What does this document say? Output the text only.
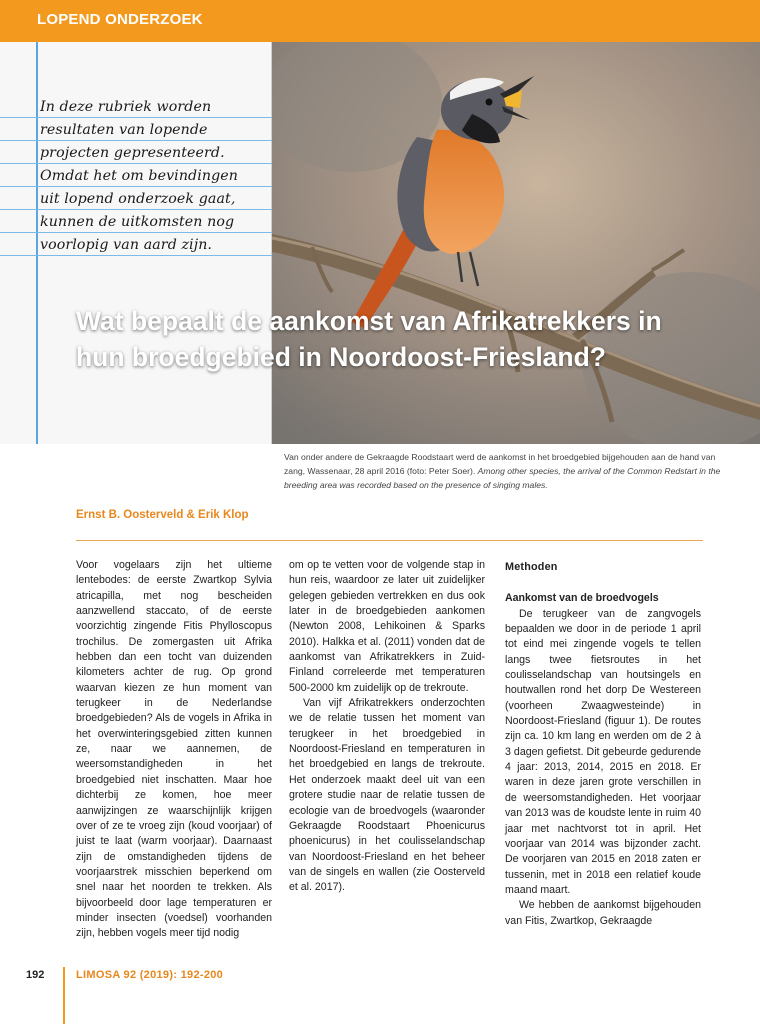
LOPEND ONDERZOEK
In deze rubriek worden
resultaten van lopende
projecten gepresenteerd.
Omdat het om bevindingen
uit lopend onderzoek gaat,
kunnen de uitkomsten nog
voorlopig van aard zijn.
Wat bepaalt de aankomst van Afrikatrekkers in hun broedgebied in Noordoost-Friesland?
Van onder andere de Gekraagde Roodstaart werd de aankomst in het broedgebied bijgehouden aan de hand van zang, Wassenaar, 28 april 2016 (foto: Peter Soer). Among other species, the arrival of the Common Redstart in the breeding area was recorded based on the presence of singing males.
Ernst B. Oosterveld & Erik Klop

Voor vogelaars zijn het ultieme lentebodes: de eerste Zwartkop Sylvia atricapilla, met nog bescheiden aanzwellend staccato, of de eerste voorzichtig zingende Fitis Phylloscopus trochilus. De zomergasten uit Afrika hebben dan een tocht van duizenden kilometers achter de rug. Op grond waarvan kiezen ze hun moment van terugkeer in de Nederlandse broedgebieden? Als de vogels in Afrika in het overwinteringsgebied zitten kunnen ze, naar we aannemen, de weersomstandigheden in het broedgebied niet inschatten. Maar hoe dichterbij ze komen, hoe meer aanwijzingen ze waarschijnlijk krijgen over of ze te vroeg zijn (koud voorjaar) of juist te laat (warm voorjaar). Daarnaast zijn de omstandigheden tijdens de voorjaarstrek misschien beperkend om snel naar het noorden te trekken. Als bijvoorbeeld door lage temperaturen er minder insecten (voedsel) voorhanden zijn, hebben vogels meer tijd nodig

om op te vetten voor de volgende stap in hun reis, waardoor ze later uit zuidelijker gelegen gebieden vertrekken en dus ook later in de broedgebieden aankomen (Newton 2008, Lehikoinen & Sparks 2010). Halkka et al. (2011) vonden dat de aankomst van Afrikatrekkers in Zuid-Finland correleerde met temperaturen 500-2000 km zuidelijk op de trekroute.

Van vijf Afrikatrekkers onderzochten we de relatie tussen het moment van terugkeer in het broedgebied in Noordoost-Friesland en temperaturen in het broedgebied en langs de trekroute. Het onderzoek maakt deel uit van een grotere studie naar de relatie tussen de ecologie van de broedvogels (waaronder Gekraagde Roodstaart Phoenicurus phoenicurus) in het coulisselandschap van Noordoost-Friesland en het beheer van de singels en wallen (zie Oosterveld et al. 2017).

Methoden
Aankomst van de broedvogels

De terugkeer van de zangvogels bepaalden we door in de periode 1 april tot eind mei zingende vogels te tellen langs twee fietsroutes in het coulisselandschap van houtsingels en houtwallen rond het dorp De Westereen (voorheen Zwaagwesteinde) in Noordoost-Friesland (figuur 1). De routes zijn ca. 10 km lang en werden om de 2 à 3 dagen gefietst. Dit gebeurde gedurende 4 jaar: 2013, 2014, 2015 en 2018. Er waren in deze jaren grote verschillen in de weersomstandigheden. Het voorjaar van 2013 was de koudste lente in ruim 40 jaar met nachtvorst tot in april. Het voorjaar van 2014 was bijzonder zacht. De voorjaren van 2015 en 2018 zaten er tussenin, met in 2018 een relatief koude maand maart.

We hebben de aankomst bijgehouden van Fitis, Zwartkop, Gekraagde

192	LIMOSA 92 (2019): 192-200
